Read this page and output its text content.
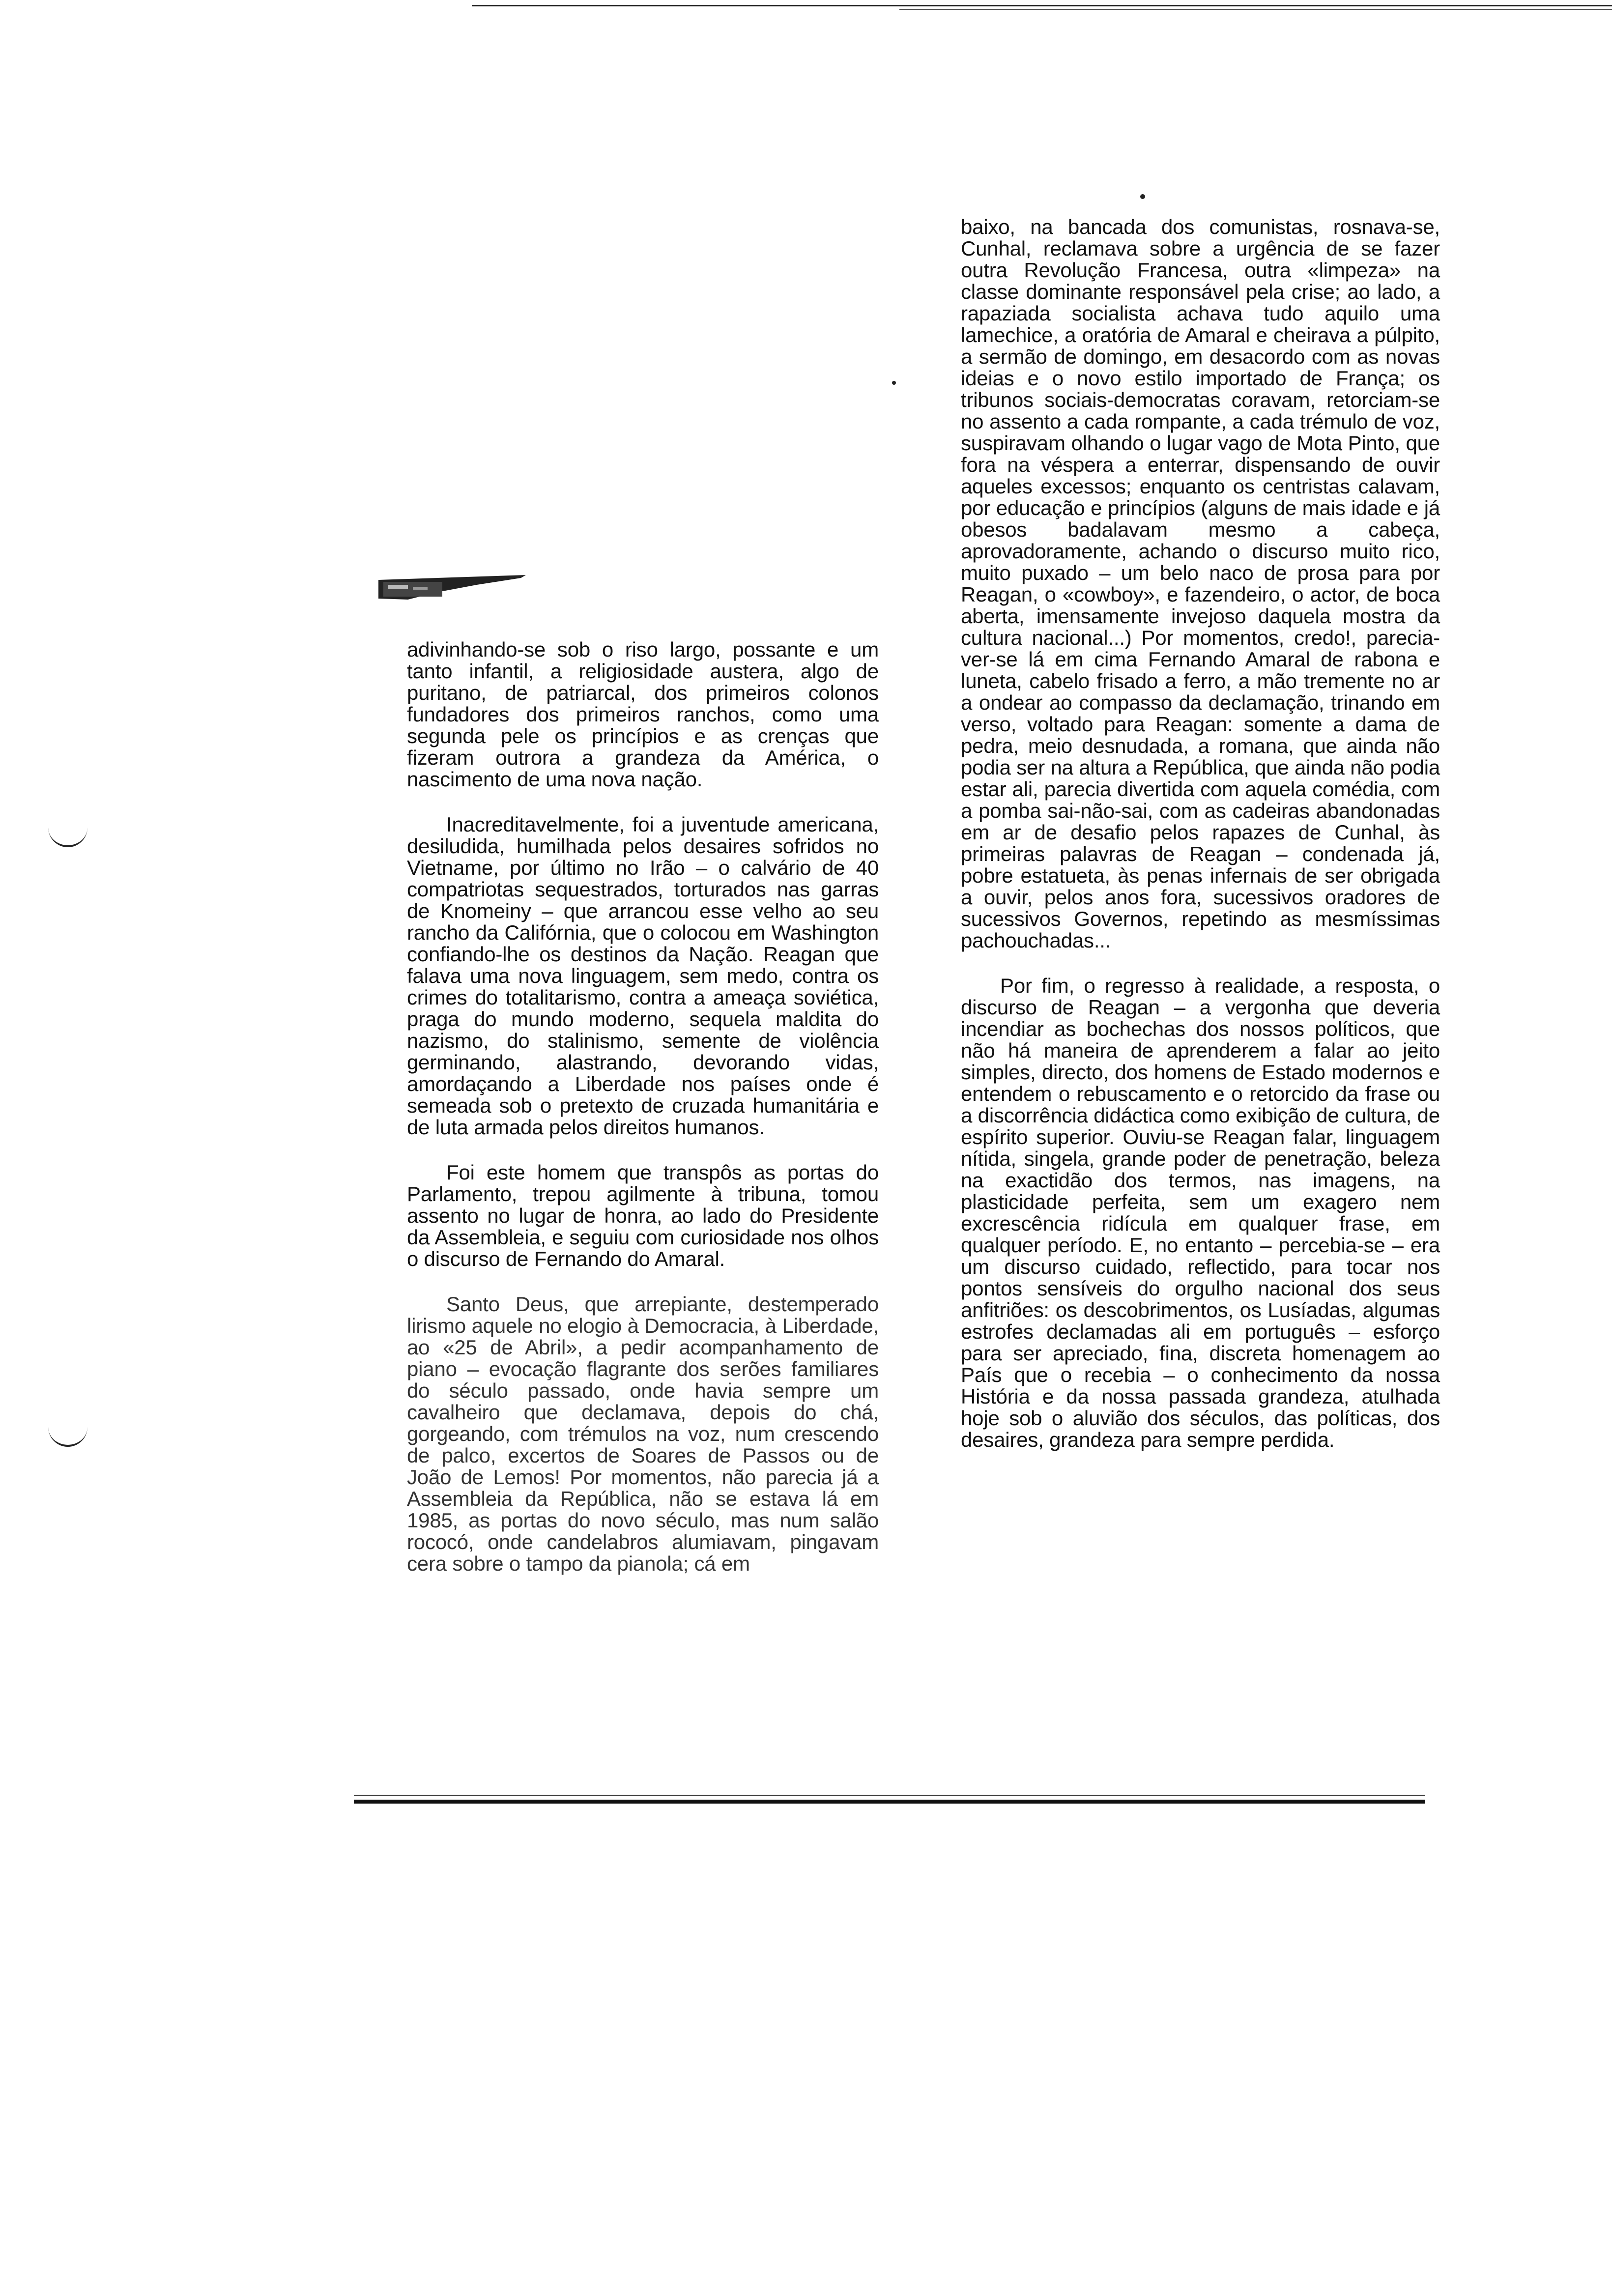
adivinhando-se sob o riso largo, possante e um tanto infantil, a religiosidade austera, algo de puritano, de patriarcal, dos primeiros colonos fundadores dos primeiros ranchos, como uma segunda pele os princípios e as crenças que fizeram outrora a grandeza da América, o nascimento de uma nova nação.

Inacreditavelmente, foi a juventude americana, desiludida, humilhada pelos desaires sofridos no Vietname, por último no Irão – o calvário de 40 compatriotas sequestrados, torturados nas garras de Knomeiny – que arrancou esse velho ao seu rancho da Califórnia, que o colocou em Washington confiando-lhe os destinos da Nação. Reagan que falava uma nova linguagem, sem medo, contra os crimes do totalitarismo, contra a ameaça soviética, praga do mundo moderno, sequela maldita do nazismo, do stalinismo, semente de violência germinando, alastrando, devorando vidas, amordaçando a Liberdade nos países onde é semeada sob o pretexto de cruzada humanitária e de luta armada pelos direitos humanos.

Foi este homem que transpôs as portas do Parlamento, trepou agilmente à tribuna, tomou assento no lugar de honra, ao lado do Presidente da Assembleia, e seguiu com curiosidade nos olhos o discurso de Fernando do Amaral.

Santo Deus, que arrepiante, destemperado lirismo aquele no elogio à Democracia, à Liberdade, ao «25 de Abril», a pedir acompanhamento de piano – evocação flagrante dos serões familiares do século passado, onde havia sempre um cavalheiro que declamava, depois do chá, gorgeando, com trémulos na voz, num crescendo de palco, excertos de Soares de Passos ou de João de Lemos! Por momentos, não parecia já a Assembleia da República, não se estava lá em 1985, as portas do novo século, mas num salão rococó, onde candelabros alumiavam, pingavam cera sobre o tampo da pianola; cá em

baixo, na bancada dos comunistas, rosnava-se, Cunhal, reclamava sobre a urgência de se fazer outra Revolução Francesa, outra «limpeza» na classe dominante responsável pela crise; ao lado, a rapaziada socialista achava tudo aquilo uma lamechice, a oratória de Amaral e cheirava a púlpito, a sermão de domingo, em desacordo com as novas ideias e o novo estilo importado de França; os tribunos sociais-democratas coravam, retorciam-se no assento a cada rompante, a cada trémulo de voz, suspiravam olhando o lugar vago de Mota Pinto, que fora na véspera a enterrar, dispensando de ouvir aqueles excessos; enquanto os centristas calavam, por educação e princípios (alguns de mais idade e já obesos badalavam mesmo a cabeça, aprovadoramente, achando o discurso muito rico, muito puxado – um belo naco de prosa para por Reagan, o «cowboy», e fazendeiro, o actor, de boca aberta, imensamente invejoso daquela mostra da cultura nacional...) Por momentos, credo!, parecia-ver-se lá em cima Fernando Amaral de rabona e luneta, cabelo frisado a ferro, a mão tremente no ar a ondear ao compasso da declamação, trinando em verso, voltado para Reagan: somente a dama de pedra, meio desnudada, a romana, que ainda não podia ser na altura a República, que ainda não podia estar ali, parecia divertida com aquela comédia, com a pomba sai-não-sai, com as cadeiras abandonadas em ar de desafio pelos rapazes de Cunhal, às primeiras palavras de Reagan – condenada já, pobre estatueta, às penas infernais de ser obrigada a ouvir, pelos anos fora, sucessivos oradores de sucessivos Governos, repetindo as mesmíssimas pachouchadas...

Por fim, o regresso à realidade, a resposta, o discurso de Reagan – a vergonha que deveria incendiar as bochechas dos nossos políticos, que não há maneira de aprenderem a falar ao jeito simples, directo, dos homens de Estado modernos e entendem o rebuscamento e o retorcido da frase ou a discorrência didáctica como exibição de cultura, de espírito superior. Ouviu-se Reagan falar, linguagem nítida, singela, grande poder de penetração, beleza na exactidão dos termos, nas imagens, na plasticidade perfeita, sem um exagero nem excrescência ridícula em qualquer frase, em qualquer período. E, no entanto – percebia-se – era um discurso cuidado, reflectido, para tocar nos pontos sensíveis do orgulho nacional dos seus anfitriões: os descobrimentos, os Lusíadas, algumas estrofes declamadas ali em português – esforço para ser apreciado, fina, discreta homenagem ao País que o recebia – o conhecimento da nossa História e da nossa passada grandeza, atulhada hoje sob o aluvião dos séculos, das políticas, dos desaires, grandeza para sempre perdida.
